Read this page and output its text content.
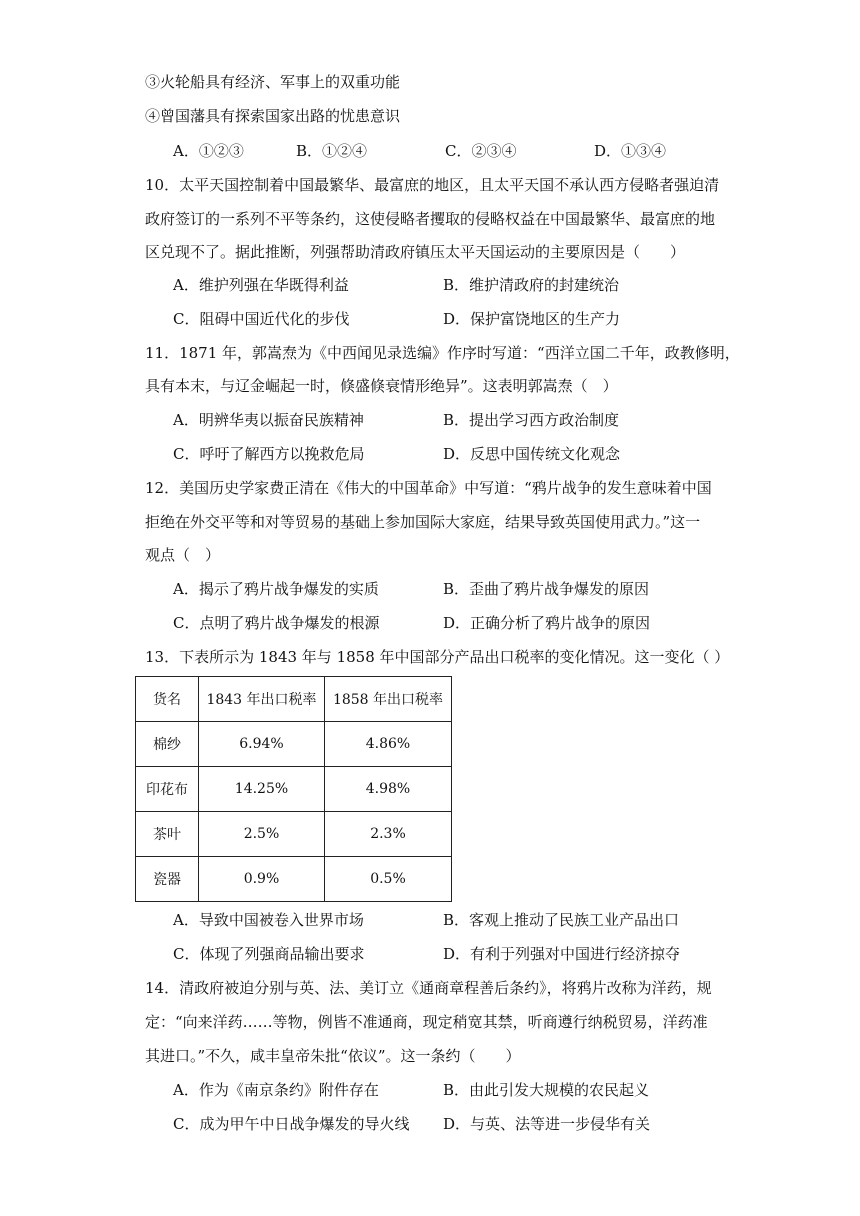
③火轮船具有经济、军事上的双重功能
④曾国藩具有探索国家出路的忧患意识
A．①②③	B．①②④	C．②③④	D．①③④
10．太平天国控制着中国最繁华、最富庶的地区，且太平天国不承认西方侵略者强迫清
政府签订的一系列不平等条约，这使侵略者攫取的侵略权益在中国最繁华、最富庶的地
区兑现不了。据此推断，列强帮助清政府镇压太平天国运动的主要原因是（　　）
A．维护列强在华既得利益	B．维护清政府的封建统治
C．阻碍中国近代化的步伐	D．保护富饶地区的生产力
11．1871 年，郭嵩焘为《中西闻见录选编》作序时写道：“西洋立国二千年，政教修明，
具有本末，与辽金崛起一时，倏盛倏衰情形绝异”。这表明郭嵩焘（　）
A．明辨华夷以振奋民族精神	B．提出学习西方政治制度
C．呼吁了解西方以挽救危局	D．反思中国传统文化观念
12．美国历史学家费正清在《伟大的中国革命》中写道：“鸦片战争的发生意味着中国
拒绝在外交平等和对等贸易的基础上参加国际大家庭，结果导致英国使用武力。”这一
观点（　）
A．揭示了鸦片战争爆发的实质	B．歪曲了鸦片战争爆发的原因
C．点明了鸦片战争爆发的根源	D．正确分析了鸦片战争的原因
13．下表所示为 1843 年与 1858 年中国部分产品出口税率的变化情况。这一变化（ ）
货名	1843 年出口税率	1858 年出口税率
棉纱	6.94%	4.86%
印花布	14.25%	4.98%
茶叶	2.5%	2.3%
瓷器	0.9%	0.5%
A．导致中国被卷入世界市场	B．客观上推动了民族工业产品出口
C．体现了列强商品输出要求	D．有利于列强对中国进行经济掠夺
14．清政府被迫分别与英、法、美订立《通商章程善后条约》，将鸦片改称为洋药，规
定：“向来洋药……等物，例皆不准通商，现定稍宽其禁，听商遵行纳税贸易，洋药准
其进口。”不久，咸丰皇帝朱批“依议”。这一条约（　　）
A．作为《南京条约》附件存在	B．由此引发大规模的农民起义
C．成为甲午中日战争爆发的导火线 D．与英、法等进一步侵华有关
